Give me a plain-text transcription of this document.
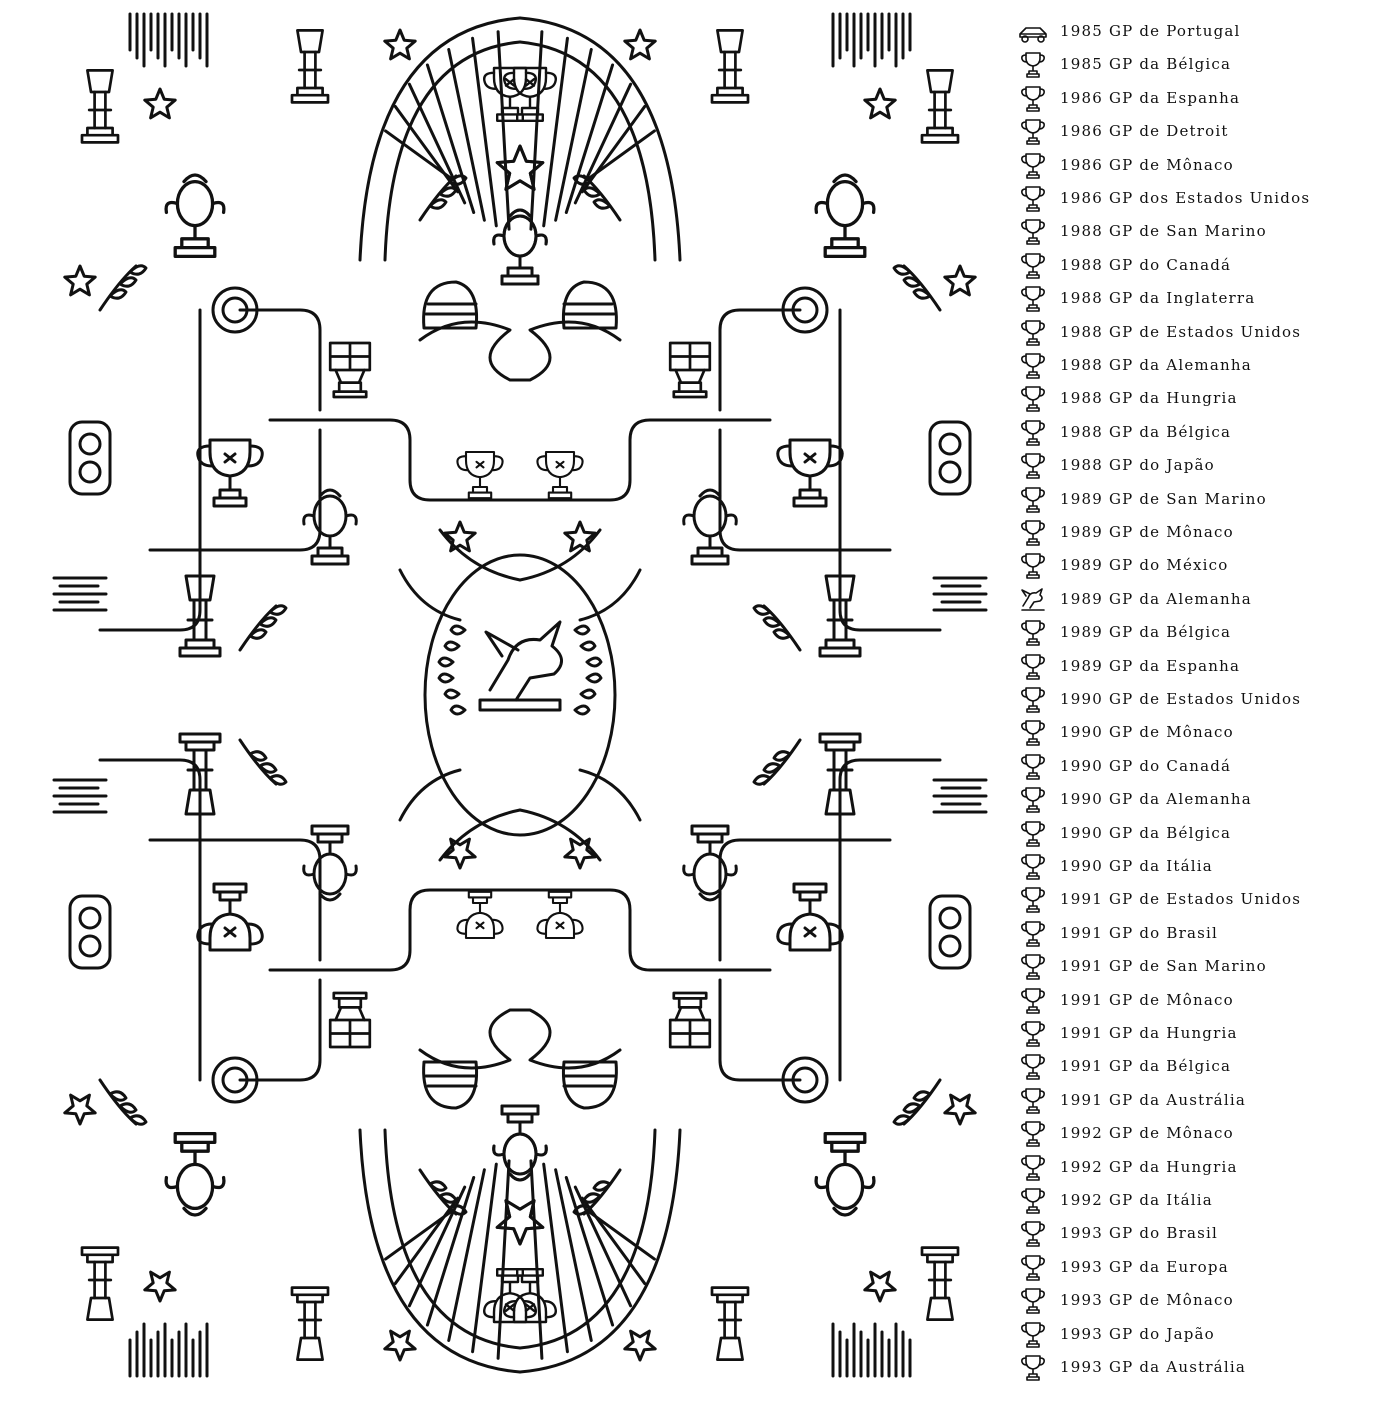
1985 GP de Portugal
1985 GP da Bélgica
1986 GP da Espanha
1986 GP de Detroit
1986 GP de Mônaco
1986 GP dos Estados Unidos
1988 GP de San Marino
1988 GP do Canadá
1988 GP da Inglaterra
1988 GP de Estados Unidos
1988 GP da Alemanha
1988 GP da Hungria
1988 GP da Bélgica
1988 GP do Japão
1989 GP de San Marino
1989 GP de Mônaco
1989 GP do México
1989 GP da Alemanha
1989 GP da Bélgica
1989 GP da Espanha
1990 GP de Estados Unidos
1990 GP de Mônaco
1990 GP do Canadá
1990 GP da Alemanha
1990 GP da Bélgica
1990 GP da Itália
1991 GP de Estados Unidos
1991 GP do Brasil
1991 GP de San Marino
1991 GP de Mônaco
1991 GP da Hungria
1991 GP da Bélgica
1991 GP da Austrália
1992 GP de Mônaco
1992 GP da Hungria
1992 GP da Itália
1993 GP do Brasil
1993 GP da Europa
1993 GP de Mônaco
1993 GP do Japão
1993 GP da Austrália
